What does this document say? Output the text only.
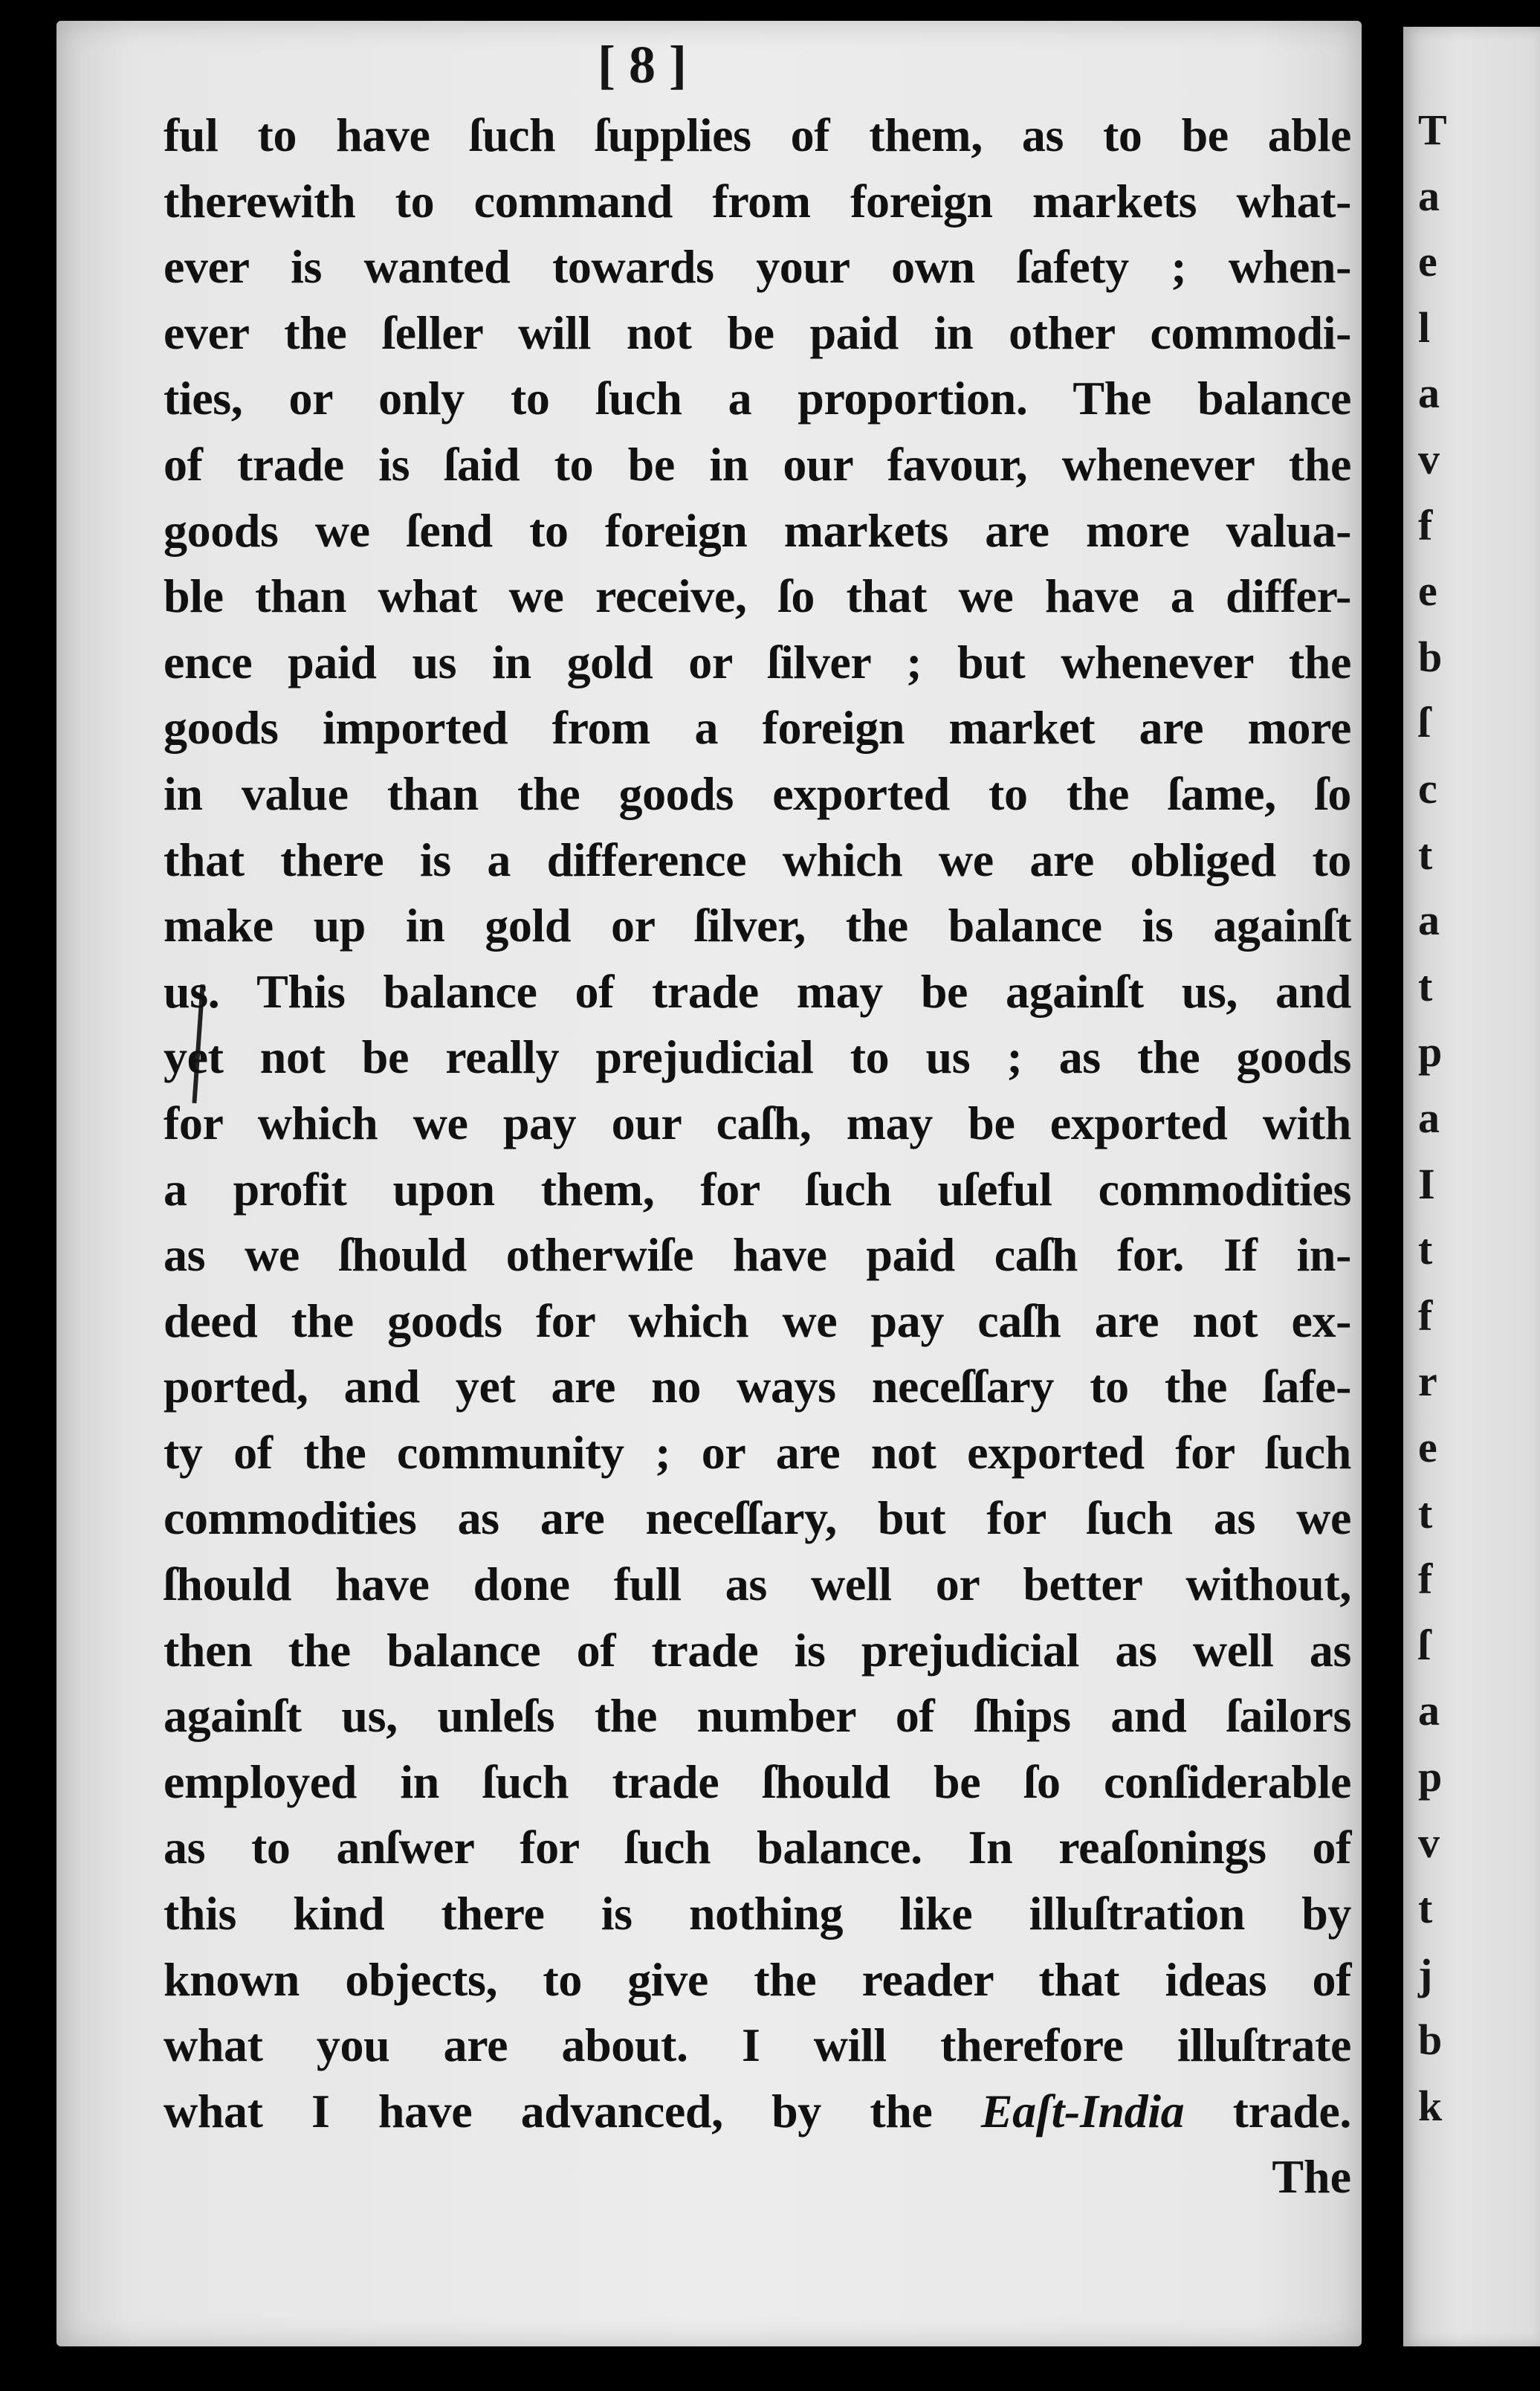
[ 8 ]
ful to have ſuch ſupplies of them, as to be able
therewith to command from foreign markets what-
ever is wanted towards your own ſafety ; when-
ever the ſeller will not be paid in other commodi-
ties, or only to ſuch a proportion. The balance
of trade is ſaid to be in our favour, whenever the
goods we ſend to foreign markets are more valua-
ble than what we receive, ſo that we have a differ-
ence paid us in gold or ſilver ; but whenever the
goods imported from a foreign market are more
in value than the goods exported to the ſame, ſo
that there is a difference which we are obliged to
make up in gold or ſilver, the balance is againſt
us. This balance of trade may be againſt us, and
yet not be really prejudicial to us ; as the goods
for which we pay our caſh, may be exported with
a profit upon them, for ſuch uſeful commodities
as we ſhould otherwiſe have paid caſh for. If in-
deed the goods for which we pay caſh are not ex-
ported, and yet are no ways neceſſary to the ſafe-
ty of the community ; or are not exported for ſuch
commodities as are neceſſary, but for ſuch as we
ſhould have done full as well or better without,
then the balance of trade is prejudicial as well as
againſt us, unleſs the number of ſhips and ſailors
employed in ſuch trade ſhould be ſo conſiderable
as to anſwer for ſuch balance. In reaſonings of
this kind there is nothing like illuſtration by
known objects, to give the reader that ideas of
what you are about. I will therefore illuſtrate
what I have advanced, by the Eaſt-India trade.
The
T
a
e
l
a
v
f
e
b
ſ
c
t
a
t
p
a
I
t
f
r
e
t
f
ſ
a
p
v
t
j
b
k
